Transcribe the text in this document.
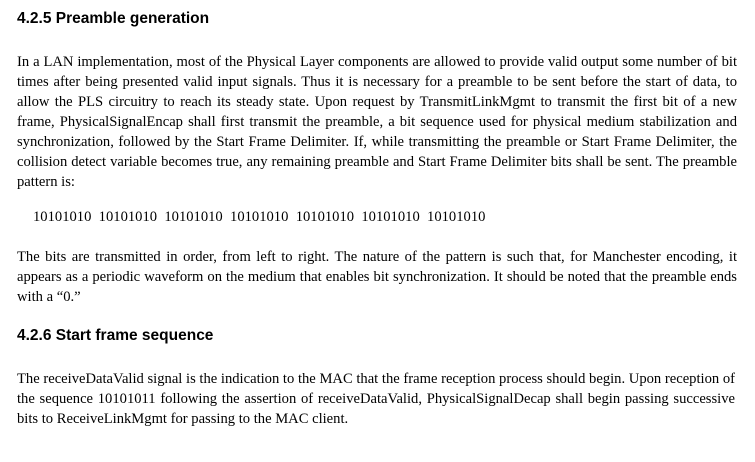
4.2.5 Preamble generation

In a LAN implementation, most of the Physical Layer components are allowed to provide valid output some number of bit times after being presented valid input signals. Thus it is necessary for a preamble to be sent before the start of data, to allow the PLS circuitry to reach its steady state. Upon request by TransmitLinkMgmt to transmit the first bit of a new frame, PhysicalSignalEncap shall first transmit the preamble, a bit sequence used for physical medium stabilization and synchronization, followed by the Start Frame Delimiter. If, while transmitting the preamble or Start Frame Delimiter, the collision detect variable becomes true, any remaining preamble and Start Frame Delimiter bits shall be sent. The preamble pattern is:

10101010  10101010  10101010  10101010  10101010  10101010  10101010

The bits are transmitted in order, from left to right. The nature of the pattern is such that, for Manchester encoding, it appears as a periodic waveform on the medium that enables bit synchronization. It should be noted that the preamble ends with a “0.”

4.2.6 Start frame sequence

The receiveDataValid signal is the indication to the MAC that the frame reception process should begin. Upon reception of the sequence 10101011 following the assertion of receiveDataValid, PhysicalSignalDecap shall begin passing successive bits to ReceiveLinkMgmt for passing to the MAC client.
